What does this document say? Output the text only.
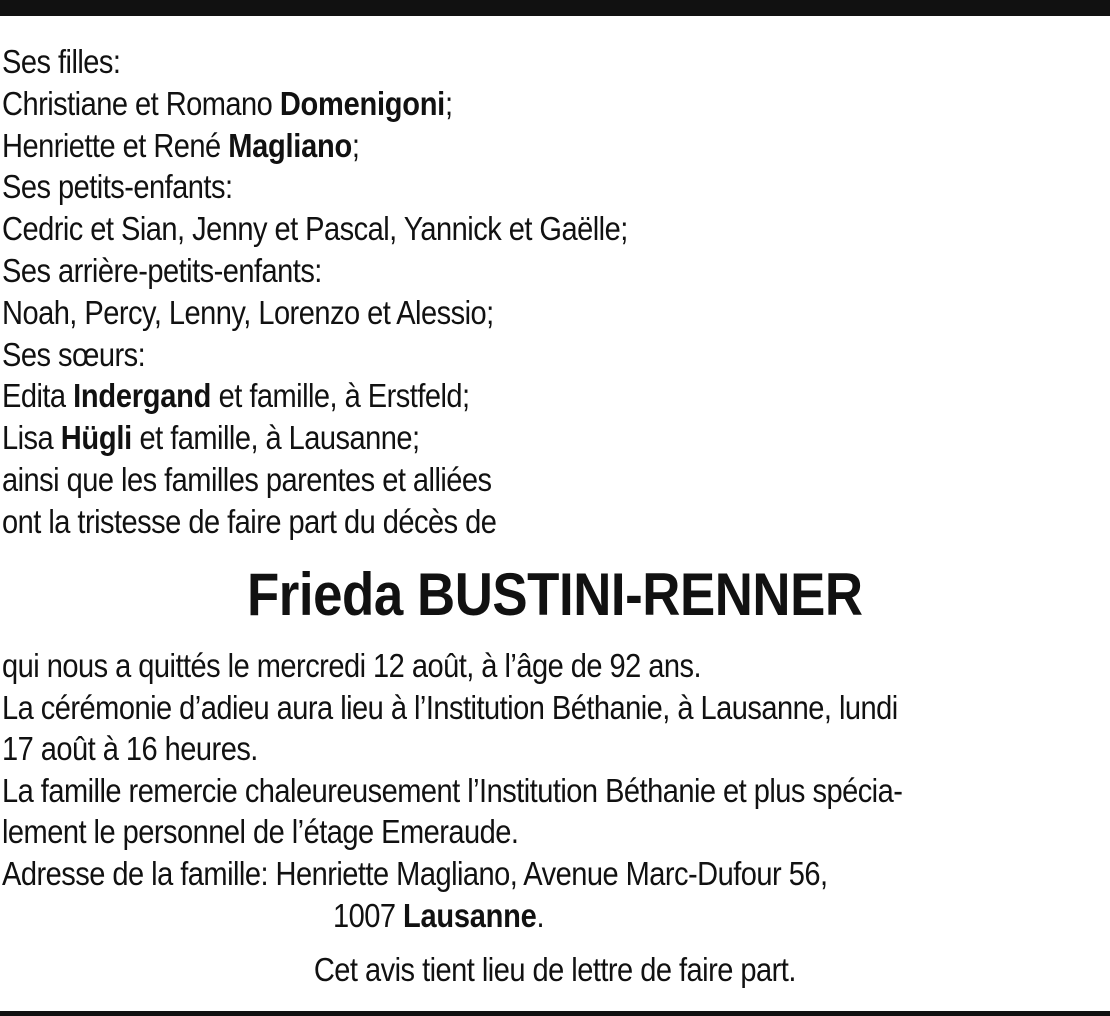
Ses filles:
Christiane et Romano Domenigoni;
Henriette et René Magliano;
Ses petits-enfants:
Cedric et Sian, Jenny et Pascal, Yannick et Gaëlle;
Ses arrière-petits-enfants:
Noah, Percy, Lenny, Lorenzo et Alessio;
Ses sœurs:
Edita Indergand et famille, à Erstfeld;
Lisa Hügli et famille, à Lausanne;
ainsi que les familles parentes et alliées
ont la tristesse de faire part du décès de
Frieda BUSTINI-RENNER
qui nous a quittés le mercredi 12 août, à l’âge de 92 ans.
La cérémonie d’adieu aura lieu à l’Institution Béthanie, à Lausanne, lundi
17 août à 16 heures.
La famille remercie chaleureusement l’Institution Béthanie et plus spécia-
lement le personnel de l’étage Emeraude.
Adresse de la famille: Henriette Magliano, Avenue Marc-Dufour 56,
1007 Lausanne.
Cet avis tient lieu de lettre de faire part.
